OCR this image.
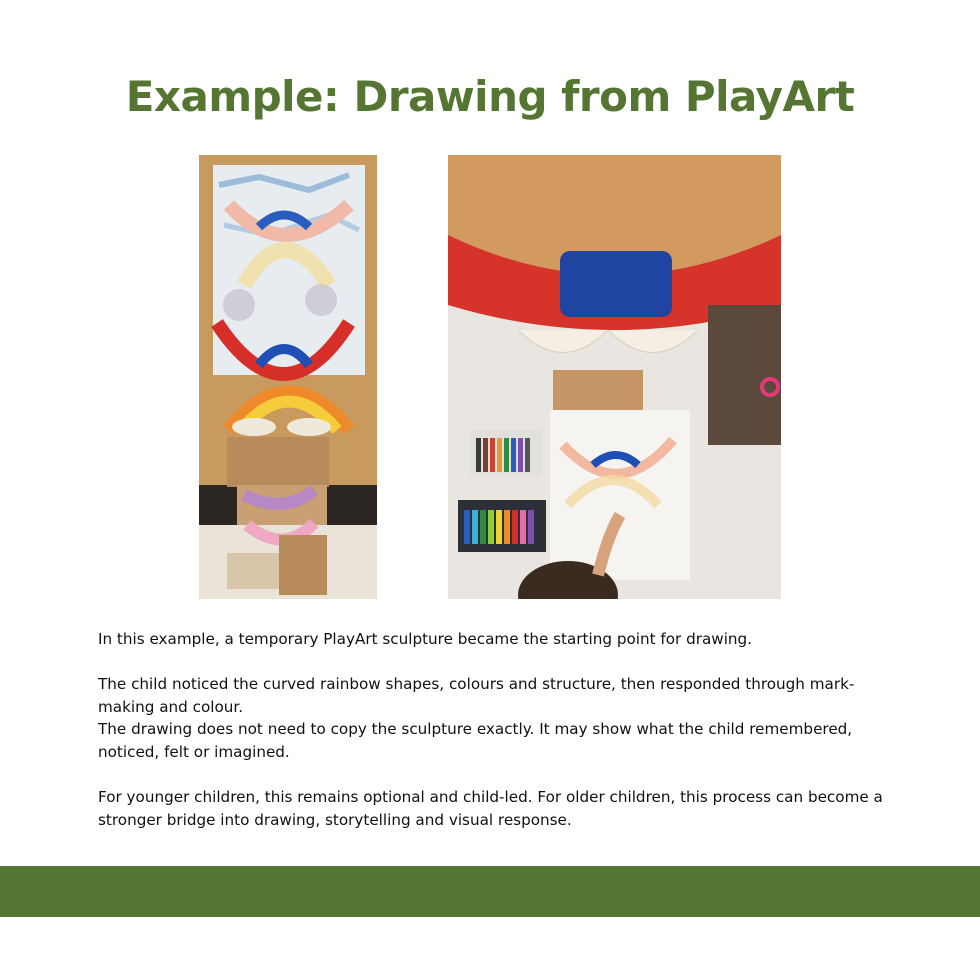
Example: Drawing from PlayArt

In this example, a temporary PlayArt sculpture became the starting point for drawing.

The child noticed the curved rainbow shapes, colours and structure, then responded through mark-making and colour.

The drawing does not need to copy the sculpture exactly. It may show what the child remembered, noticed, felt or imagined.

For younger children, this remains optional and child-led. For older children, this process can become a stronger bridge into drawing, storytelling and visual response.
